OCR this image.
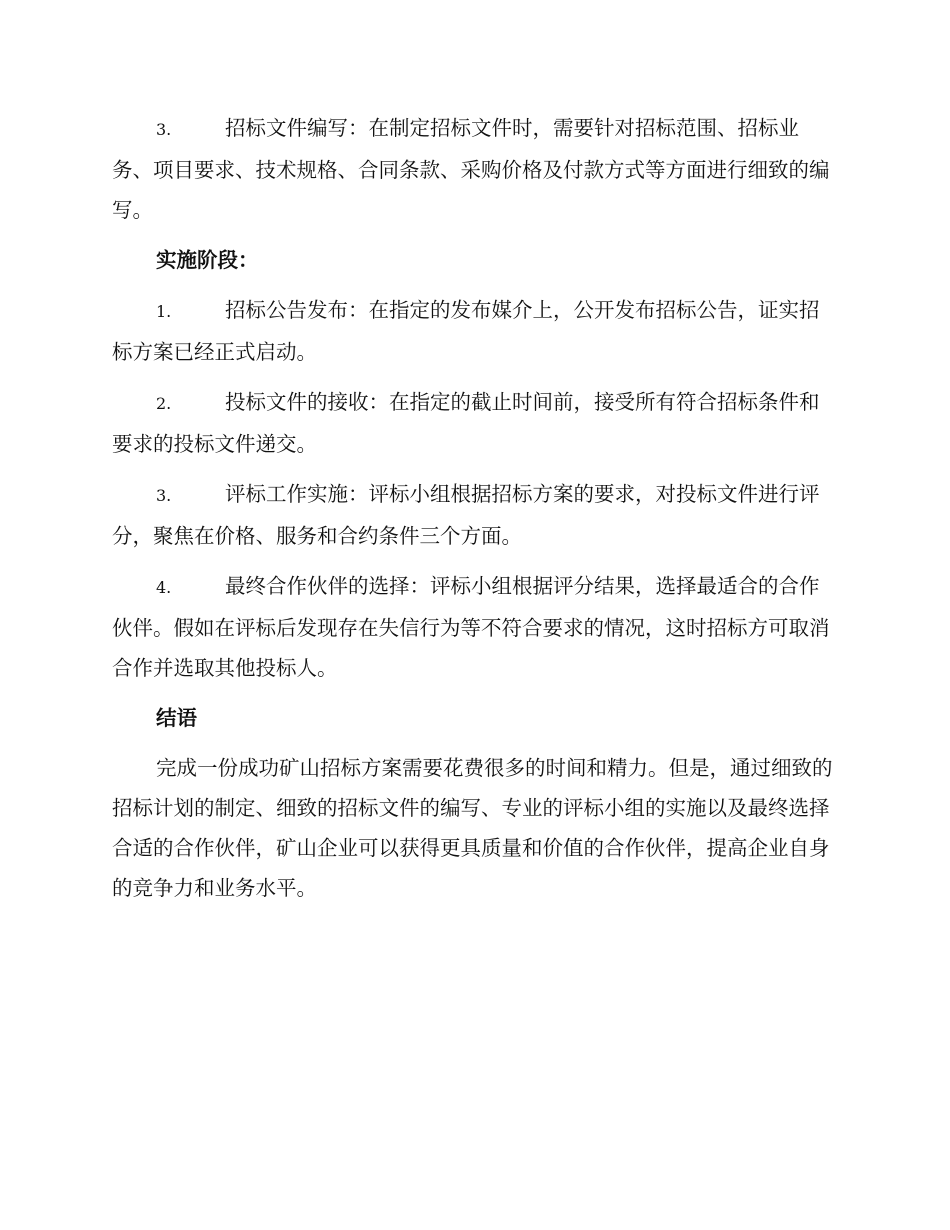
3.	招标文件编写：在制定招标文件时，需要针对招标范围、招标业务、项目要求、技术规格、合同条款、采购价格及付款方式等方面进行细致的编写。

实施阶段：

1.	招标公告发布：在指定的发布媒介上，公开发布招标公告，证实招标方案已经正式启动。

2.	投标文件的接收：在指定的截止时间前，接受所有符合招标条件和要求的投标文件递交。

3.	评标工作实施：评标小组根据招标方案的要求，对投标文件进行评分，聚焦在价格、服务和合约条件三个方面。

4.	最终合作伙伴的选择：评标小组根据评分结果，选择最适合的合作伙伴。假如在评标后发现存在失信行为等不符合要求的情况，这时招标方可取消合作并选取其他投标人。

结语

完成一份成功矿山招标方案需要花费很多的时间和精力。但是，通过细致的招标计划的制定、细致的招标文件的编写、专业的评标小组的实施以及最终选择合适的合作伙伴，矿山企业可以获得更具质量和价值的合作伙伴，提高企业自身的竞争力和业务水平。
